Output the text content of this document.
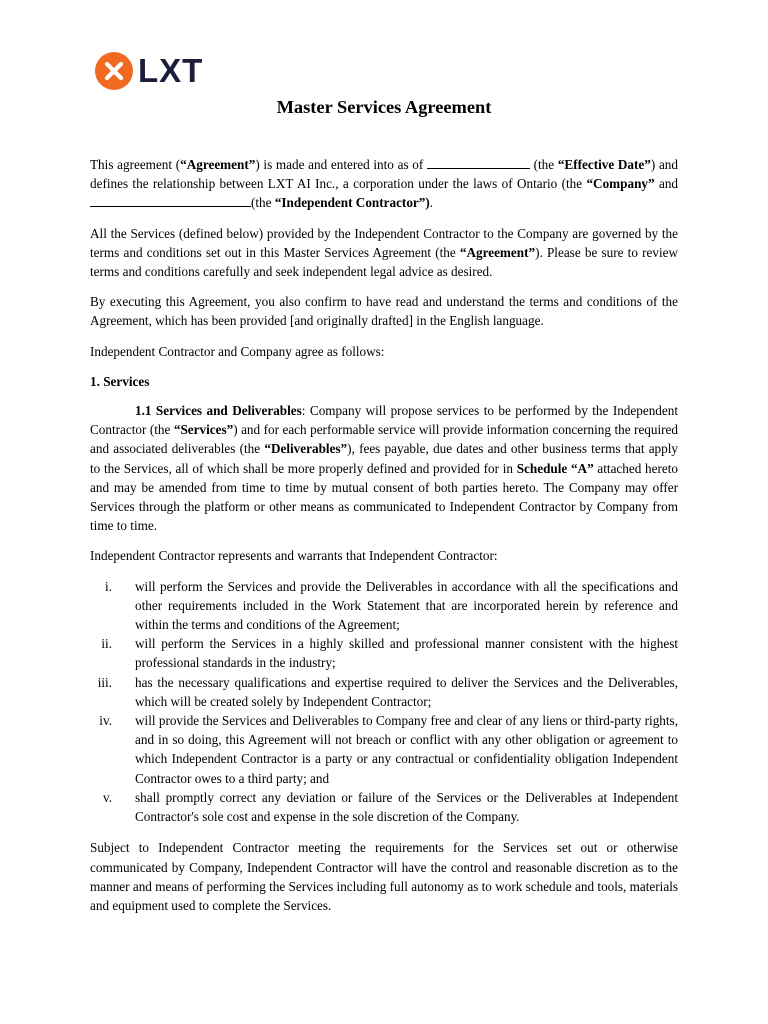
LXT
Master Services Agreement

This agreement (“Agreement”) is made and entered into as of	(the “Effective Date”) and defines the relationship between LXT AI Inc., a corporation under the laws of Ontario (the “Company” and (the “Independent Contractor”).

All the Services (defined below) provided by the Independent Contractor to the Company are governed by the terms and conditions set out in this Master Services Agreement (the “Agreement”). Please be sure to review terms and conditions carefully and seek independent legal advice as desired.

By executing this Agreement, you also confirm to have read and understand the terms and conditions of the Agreement, which has been provided [and originally drafted] in the English language.

Independent Contractor and Company agree as follows:

1. Services

1.1 Services and Deliverables: Company will propose services to be performed by the Independent Contractor (the “Services”) and for each performable service will provide information concerning the required and associated deliverables (the “Deliverables”), fees payable, due dates and other business terms that apply to the Services, all of which shall be more properly defined and provided for in Schedule “A” attached hereto and may be amended from time to time by mutual consent of both parties hereto. The Company may offer Services through the platform or other means as communicated to Independent Contractor by Company from time to time.

Independent Contractor represents and warrants that Independent Contractor:

i. will perform the Services and provide the Deliverables in accordance with all the specifications and other requirements included in the Work Statement that are incorporated herein by reference and within the terms and conditions of the Agreement;
ii. will perform the Services in a highly skilled and professional manner consistent with the highest professional standards in the industry;
iii. has the necessary qualifications and expertise required to deliver the Services and the Deliverables, which will be created solely by Independent Contractor;
iv. will provide the Services and Deliverables to Company free and clear of any liens or third-party rights, and in so doing, this Agreement will not breach or conflict with any other obligation or agreement to which Independent Contractor is a party or any contractual or confidentiality obligation Independent Contractor owes to a third party; and
v. shall promptly correct any deviation or failure of the Services or the Deliverables at Independent Contractor's sole cost and expense in the sole discretion of the Company.

Subject to Independent Contractor meeting the requirements for the Services set out or otherwise communicated by Company, Independent Contractor will have the control and reasonable discretion as to the manner and means of performing the Services including full autonomy as to work schedule and tools, materials and equipment used to complete the Services.
